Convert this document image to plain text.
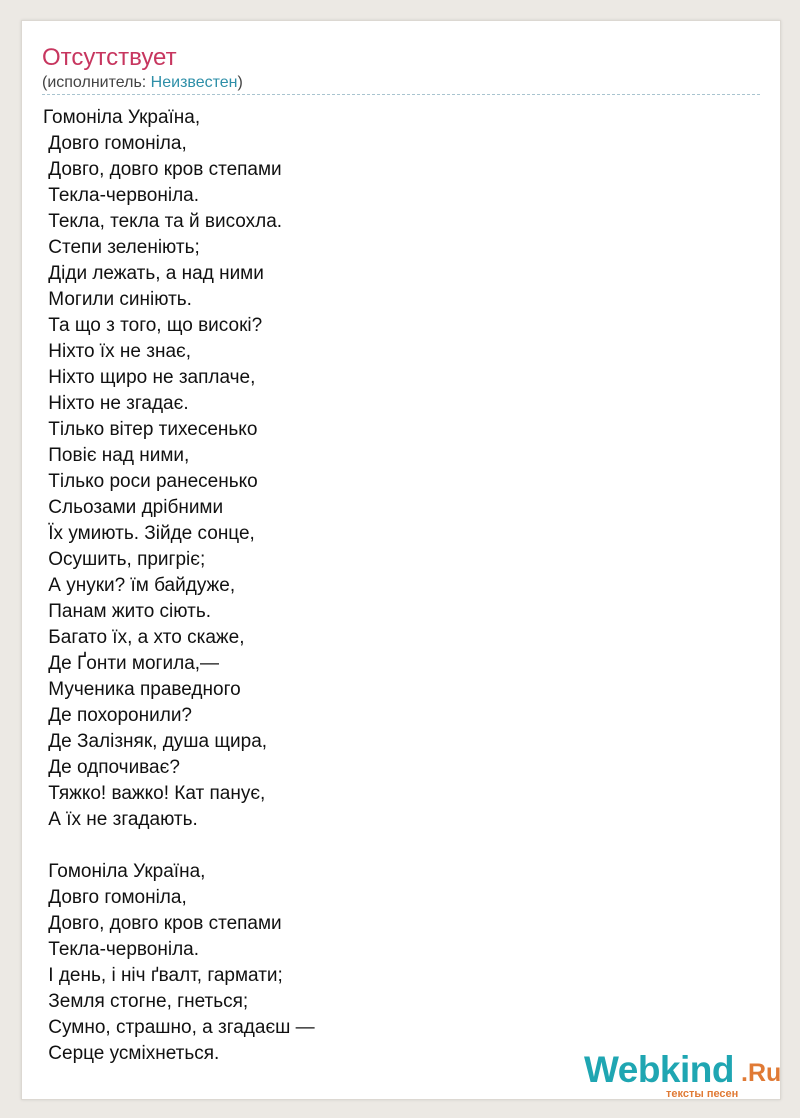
Отсутствует
(исполнитель: Неизвестен)
Гомоніла Україна,
Довго гомоніла,
Довго, довго кров степами
Текла-червоніла.
Текла, текла та й висохла.
Степи зеленіють;
Діди лежать, а над ними
Могили синіють.
Та що з того, що високі?
Ніхто їх не знає,
Ніхто щиро не заплаче,
Ніхто не згадає.
Тілько вітер тихесенько
Повіє над ними,
Тілько роси ранесенько
Сльозами дрібними
Їх умиють. Зійде сонце,
Осушить, пригріє;
А унуки? їм байдуже,
Панам жито сіють.
Багато їх, а хто скаже,
Де Ґонти могила,—
Мученика праведного
Де похоронили?
Де Залізняк, душа щира,
Де одпочиває?
Тяжко! важко! Кат панує,
А їх не згадають.
Гомоніла Україна,
Довго гомоніла,
Довго, довго кров степами
Текла-червоніла.
І день, і ніч ґвалт, гармати;
Земля стогне, гнеться;
Сумно, страшно, а згадаєш —
Серце усміхнеться.	Webkind .Ru
тексты песен
